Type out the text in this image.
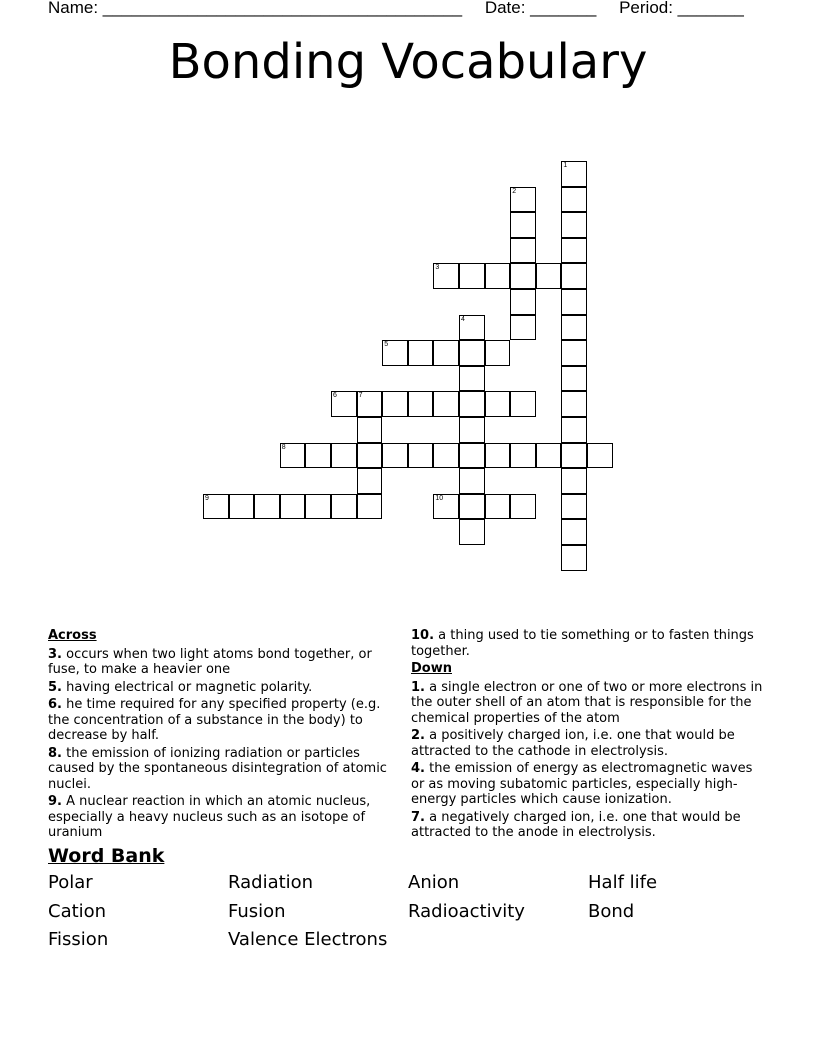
Name: ______________________________________ Date: _______ Period: _______
Bonding Vocabulary
1
2
3
4
5
6	7
8
9	10
Across
3. occurs when two light atoms bond together, or fuse, to make a heavier one
5. having electrical or magnetic polarity.
6. he time required for any specified property (e.g. the concentration of a substance in the body) to decrease by half.
8. the emission of ionizing radiation or particles caused by the spontaneous disintegration of atomic nuclei.
9. A nuclear reaction in which an atomic nucleus, especially a heavy nucleus such as an isotope of uranium
10. a thing used to tie something or to fasten things together.
Down
1. a single electron or one of two or more electrons in the outer shell of an atom that is responsible for the chemical properties of the atom
2. a positively charged ion, i.e. one that would be attracted to the cathode in electrolysis.
4. the emission of energy as electromagnetic waves or as moving subatomic particles, especially high-energy particles which cause ionization.
7. a negatively charged ion, i.e. one that would be attracted to the anode in electrolysis.
Word Bank
Polar	Radiation	Anion	Half life
Cation	Fusion	Radioactivity	Bond
Fission	Valence Electrons
